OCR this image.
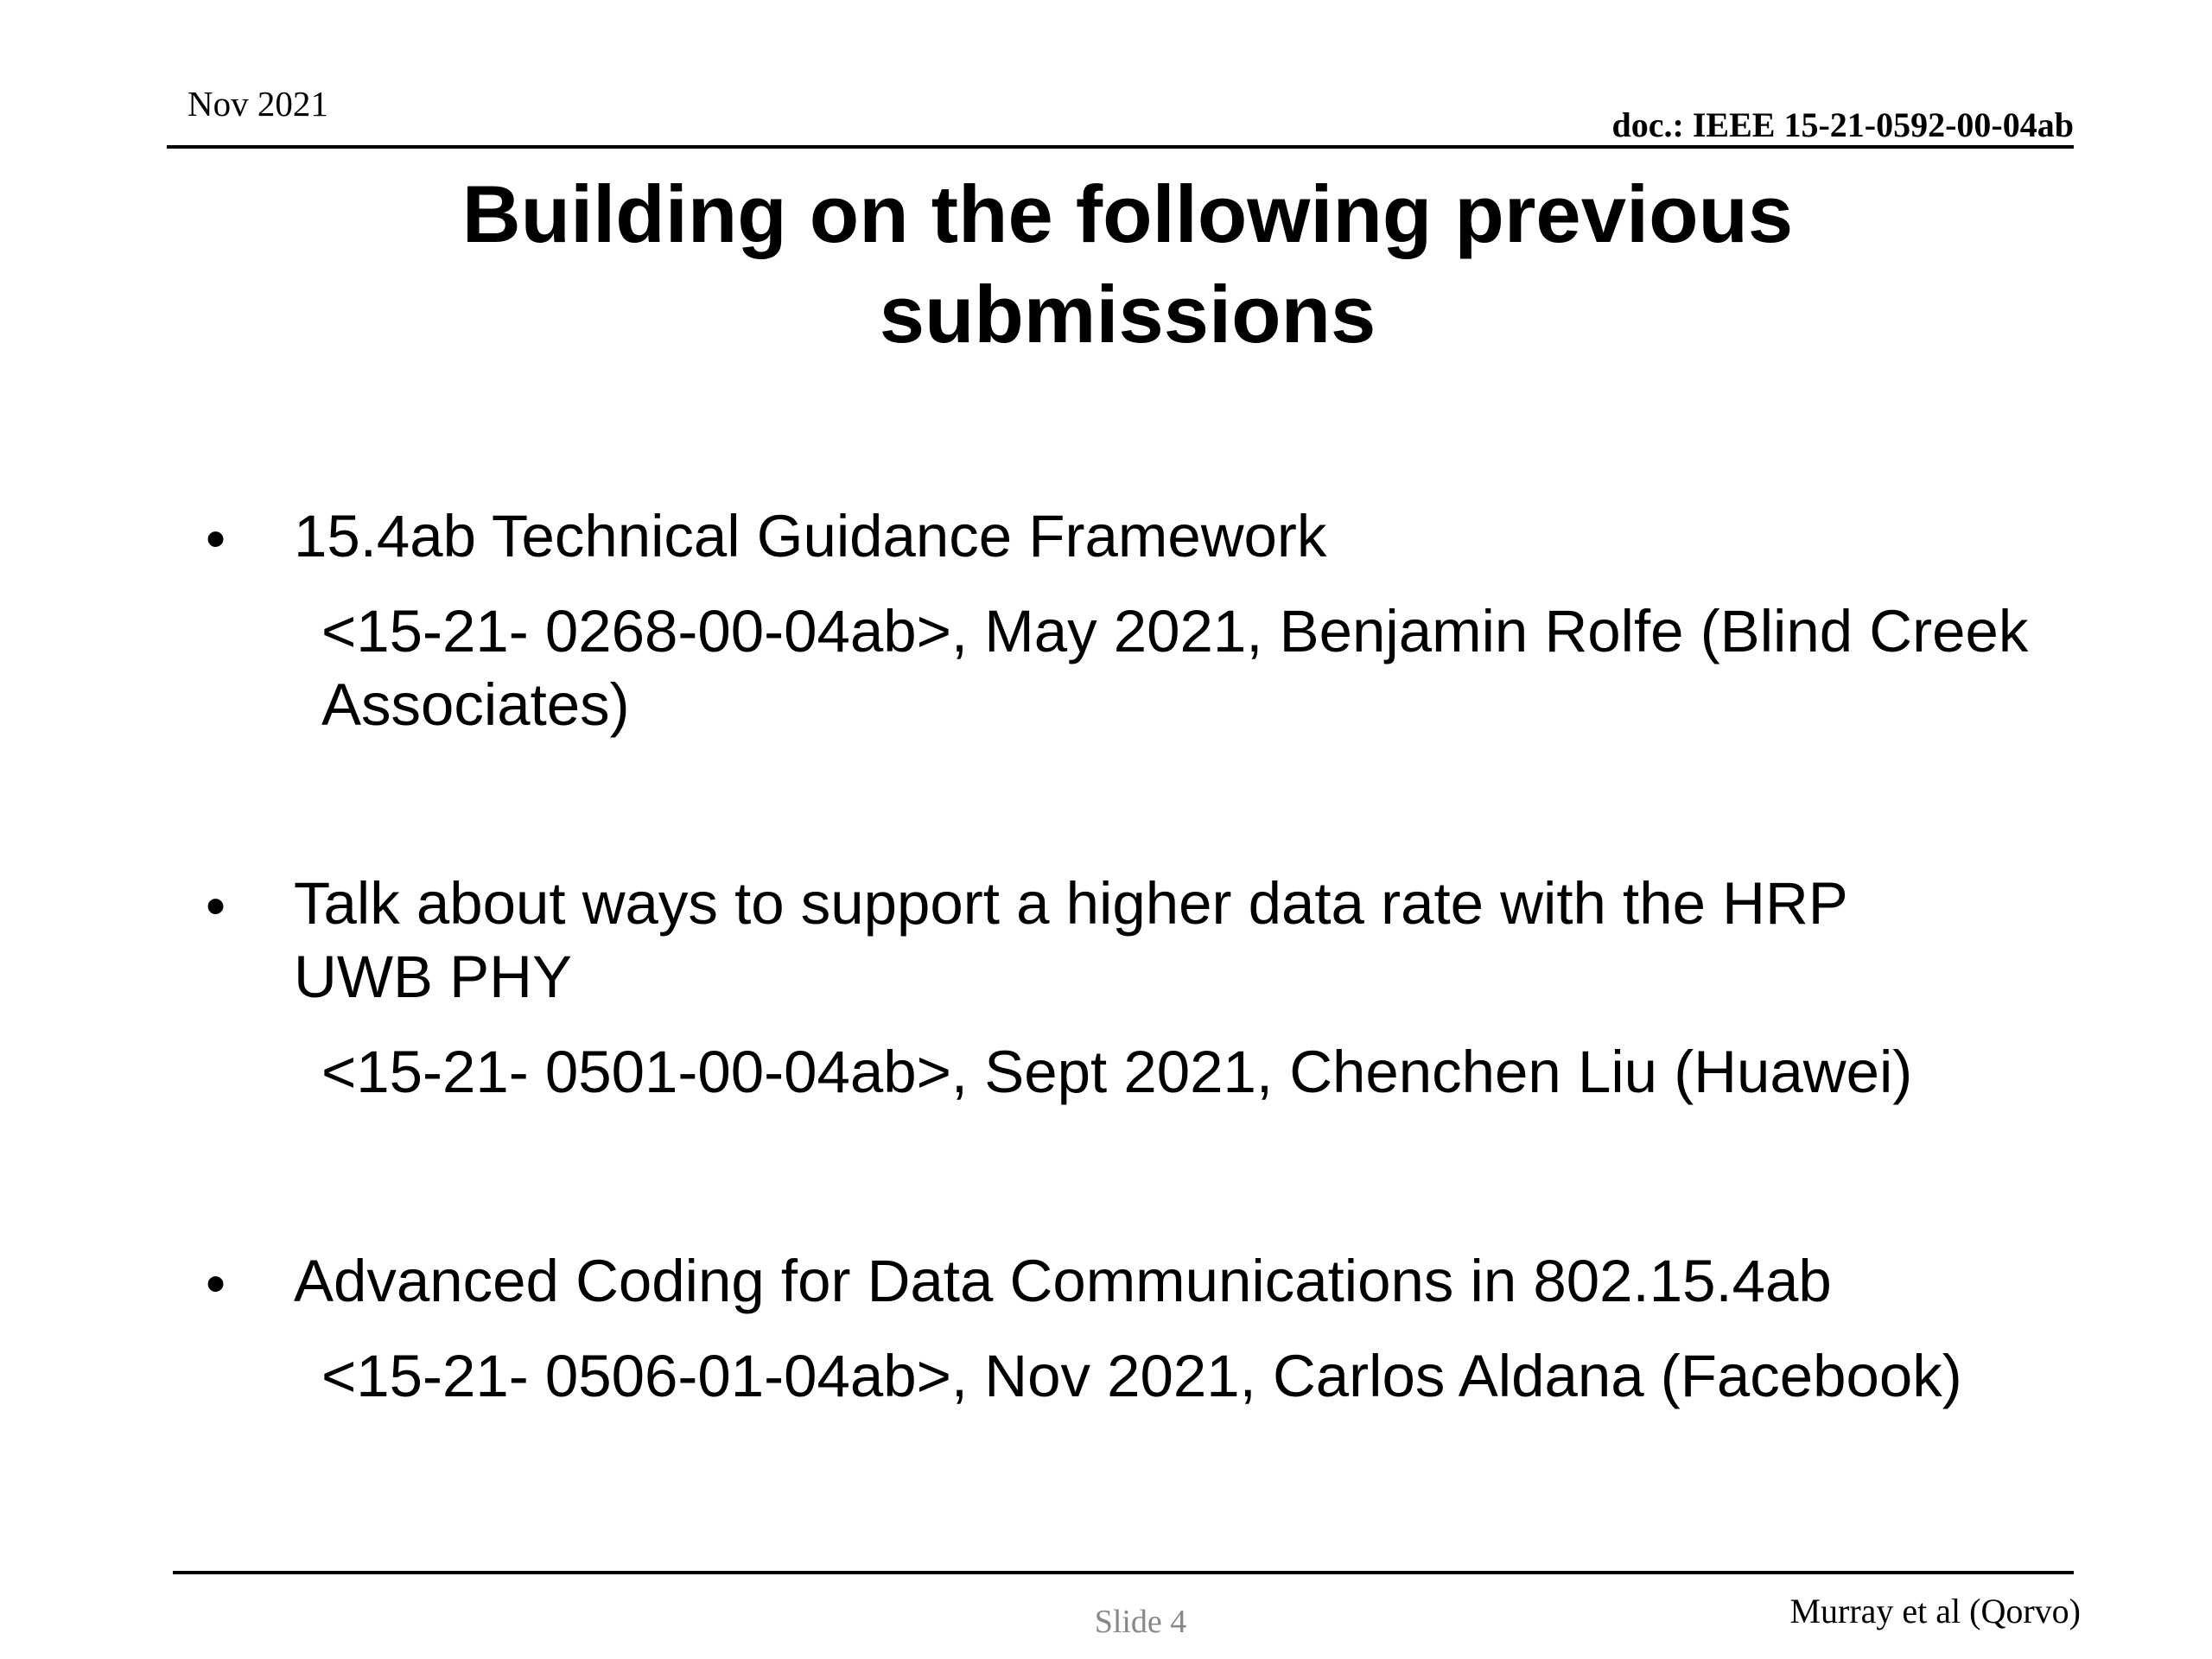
Nov 2021
doc.: IEEE 15-21-0592-00-04ab
Building on the following previous submissions
• 15.4ab Technical Guidance Framework
<15-21- 0268-00-04ab>, May 2021, Benjamin Rolfe (Blind Creek Associates)
• Talk about ways to support a higher data rate with the HRP UWB PHY
<15-21- 0501-00-04ab>, Sept 2021, Chenchen Liu (Huawei)
• Advanced Coding for Data Communications in 802.15.4ab
<15-21- 0506-01-04ab>, Nov 2021, Carlos Aldana (Facebook)
Slide 4	Murray et al (Qorvo)
